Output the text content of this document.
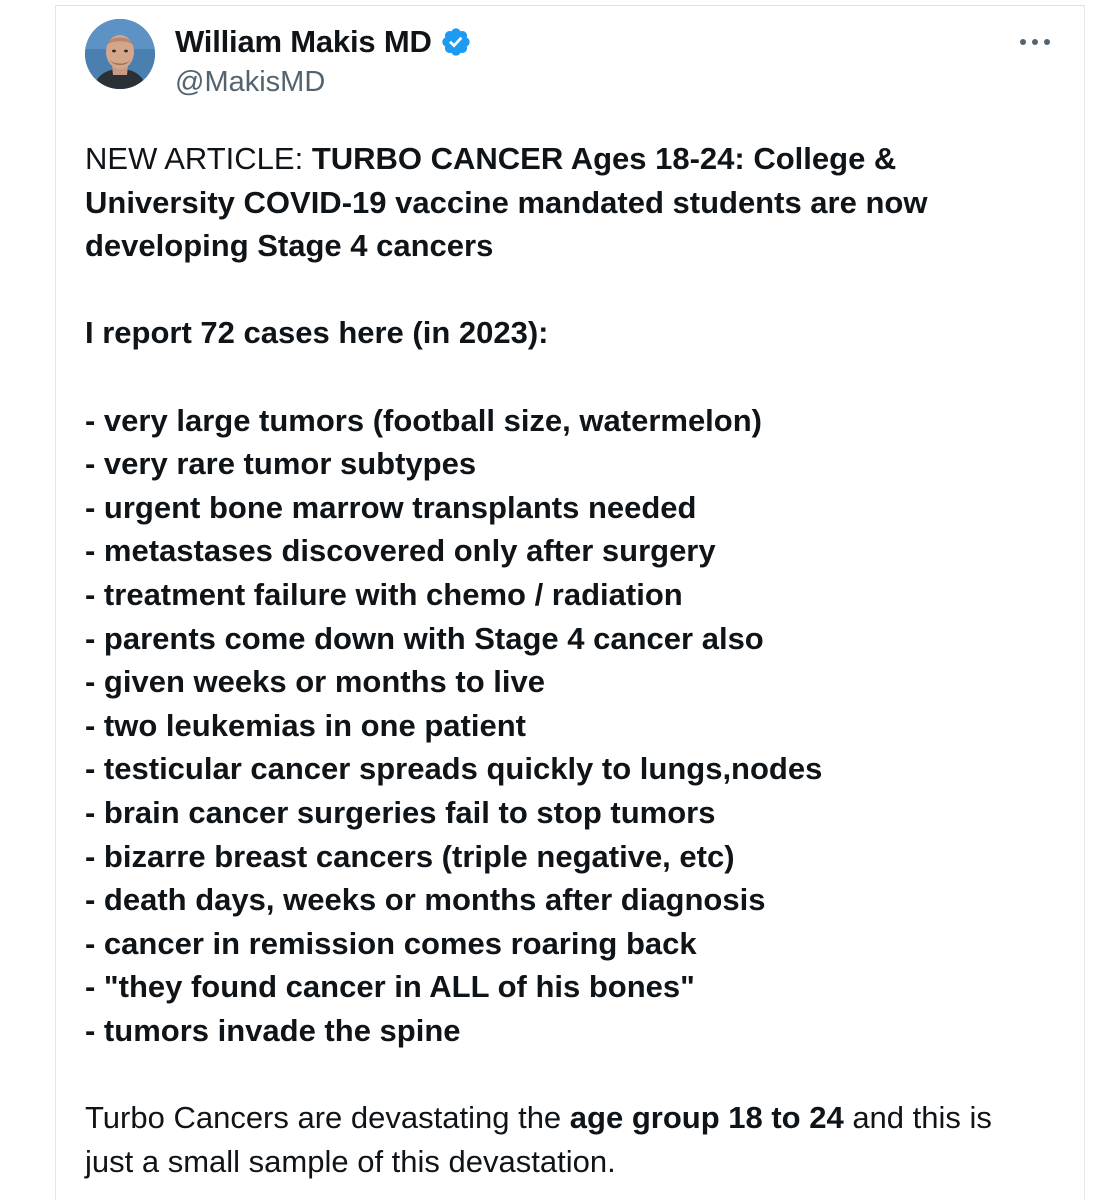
William Makis MD
@MakisMD

NEW ARTICLE: TURBO CANCER Ages 18-24: College & University COVID-19 vaccine mandated students are now developing Stage 4 cancers

I report 72 cases here (in 2023):

- very large tumors (football size, watermelon)
- very rare tumor subtypes
- urgent bone marrow transplants needed
- metastases discovered only after surgery
- treatment failure with chemo / radiation
- parents come down with Stage 4 cancer also
- given weeks or months to live
- two leukemias in one patient
- testicular cancer spreads quickly to lungs,nodes
- brain cancer surgeries fail to stop tumors
- bizarre breast cancers (triple negative, etc)
- death days, weeks or months after diagnosis
- cancer in remission comes roaring back
- "they found cancer in ALL of his bones"
- tumors invade the spine

Turbo Cancers are devastating the age group 18 to 24 and this is just a small sample of this devastation.
